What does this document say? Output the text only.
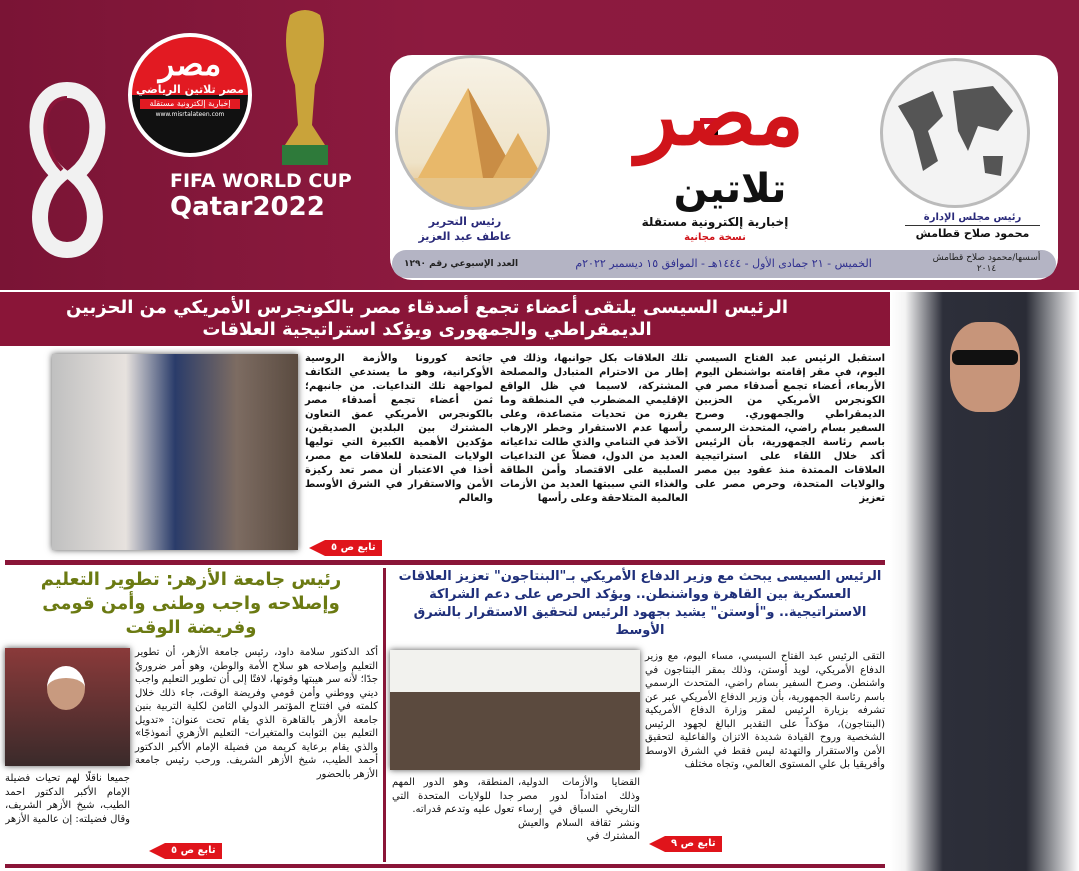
مصر
مصر تلاتين الرياضي
إخبارية إلكترونية مستقلة
www.misrtalateen.com
FIFA WORLD CUP
Qatar2022
مصر
تلاتين
إخبارية إلكترونية مستقلة
نسخة مجانية
رئيس التحرير
عاطف عبد العزيز
رئيس مجلس الإدارة
محمود صلاح قطامش
أسسها/محمود صلاح قطامش ٢٠١٤
الخميس - ٢١ جمادى الأول - ١٤٤٤هـ - الموافق ١٥ ديسمبر ٢٠٢٢م
العدد الإسبوعي رقم ١٢٩٠
الرئيس السيسى يلتقى أعضاء تجمع أصدقاء مصر بالكونجرس الأمريكي من الحزبين الديمقراطي والجمهورى ويؤكد استراتيجية العلاقات
استقبل الرئيس عبد الفتاح السيسي اليوم، في مقر إقامته بواشنطن اليوم الأربعاء، أعضاء تجمع أصدقاء مصر في الكونجرس الأمريكي من الحزبين الديمقراطي والجمهوري. وصرح السفير بسام راضي، المتحدث الرسمي باسم رئاسة الجمهورية، بأن الرئيس أكد خلال اللقاء على استراتيجية العلاقات الممتدة منذ عقود بين مصر والولايات المتحدة، وحرص مصر على تعزيز
تلك العلاقات بكل جوانبها، وذلك في إطار من الاحترام المتبادل والمصلحة المشتركة، لاسيما في ظل الواقع الإقليمي المضطرب في المنطقة وما يفرزه من تحديات متصاعدة، وعلى رأسها عدم الاستقرار وخطر الإرهاب الآخذ في التنامي والذي طالت تداعياته العديد من الدول، فضلاً عن التداعيات السلبية على الاقتصاد وأمن الطاقة والغذاء التي سببتها العديد من الأزمات العالمية المتلاحقة وعلى رأسها
جائحة كورونا والأزمة الروسية الأوكرانية، وهو ما يستدعي التكاتف لمواجهة تلك التداعيات. من جانبهم؛ ثمن أعضاء تجمع أصدقاء مصر بالكونجرس الأمريكي عمق التعاون المشترك بين البلدين الصديقين، مؤكدين الأهمية الكبيرة التي توليها الولايات المتحدة للعلاقات مع مصر، أخذا في الاعتبار أن مصر تعد ركيزة الأمن والاستقرار في الشرق الأوسط والعالم
تابع ص ٥
الرئيس السيسى يبحث مع وزير الدفاع الأمريكي بـ"البنتاجون" تعزيز العلاقات العسكرية بين القاهرة وواشنطن.. ويؤكد الحرص على دعم الشراكة الاستراتيجية.. و"أوستن" يشيد بجهود الرئيس لتحقيق الاستقرار بالشرق الأوسط
التقى الرئيس عبد الفتاح السيسي، مساء اليوم، مع وزير الدفاع الأمريكي، لويد أوستن، وذلك بمقر البنتاجون في واشنطن. وصرح السفير بسام راضي، المتحدث الرسمي باسم رئاسة الجمهورية، بأن وزير الدفاع الأمريكي عبر عن تشرفه بزيارة الرئيس لمقر وزارة الدفاع الأمريكية (البنتاجون)، مؤكداً على التقدير البالغ لجهود الرئيس الشخصية وروح القيادة شديدة الاتزان والفاعلية لتحقيق الأمن والاستقرار والتهدئة ليس فقط في الشرق الاوسط وأفريقيا بل علي المستوى العالمي، وتجاه مختلف
القضايا والأزمات الدولية، وذلك امتداداً لدور مصر التاريخي السباق في إرساء ونشر ثقافة السلام والعيش المشترك في
المنطقة، وهو الدور المهم جدا للولايات المتحدة التي تعول عليه وتدعم قدراته.
تابع ص ٩
رئيس جامعة الأزهر: تطوير التعليم وإصلاحه واجب وطنى وأمن قومى وفريضة الوقت
أكد الدكتور سلامة داود، رئيس جامعة الأزهر، أن تطوير التعليم وإصلاحه هو سلاح الأمة والوطن، وهو أمر ضروريٌ جدًا؛ لأنه سر هيبتها وقوتها، لافتًا إلى أن تطوير التعليم واجب ديني ووطني وأمن قومي وفريضة الوقت، جاء ذلك خلال كلمته في افتتاح المؤتمر الدولي الثامن لكلية التربية بنين جامعة الأزهر بالقاهرة الذي يقام تحت عنوان: «تدويل التعليم بين الثوابت والمتغيرات- التعليم الأزهري أنموذجًا» والذي يقام برعاية كريمة من فضيلة الإمام الأكبر الدكتور أحمد الطيب، شيخ الأزهر الشريف. ورحب رئيس جامعة الأزهر بالحضور
جميعا ناقلًا لهم تحيات فضيلة الإمام الأكبر الدكتور احمد الطيب، شيخ الأزهر الشريف، وقال فضيلته: إن عالمية الأزهر
تابع ص ٥
